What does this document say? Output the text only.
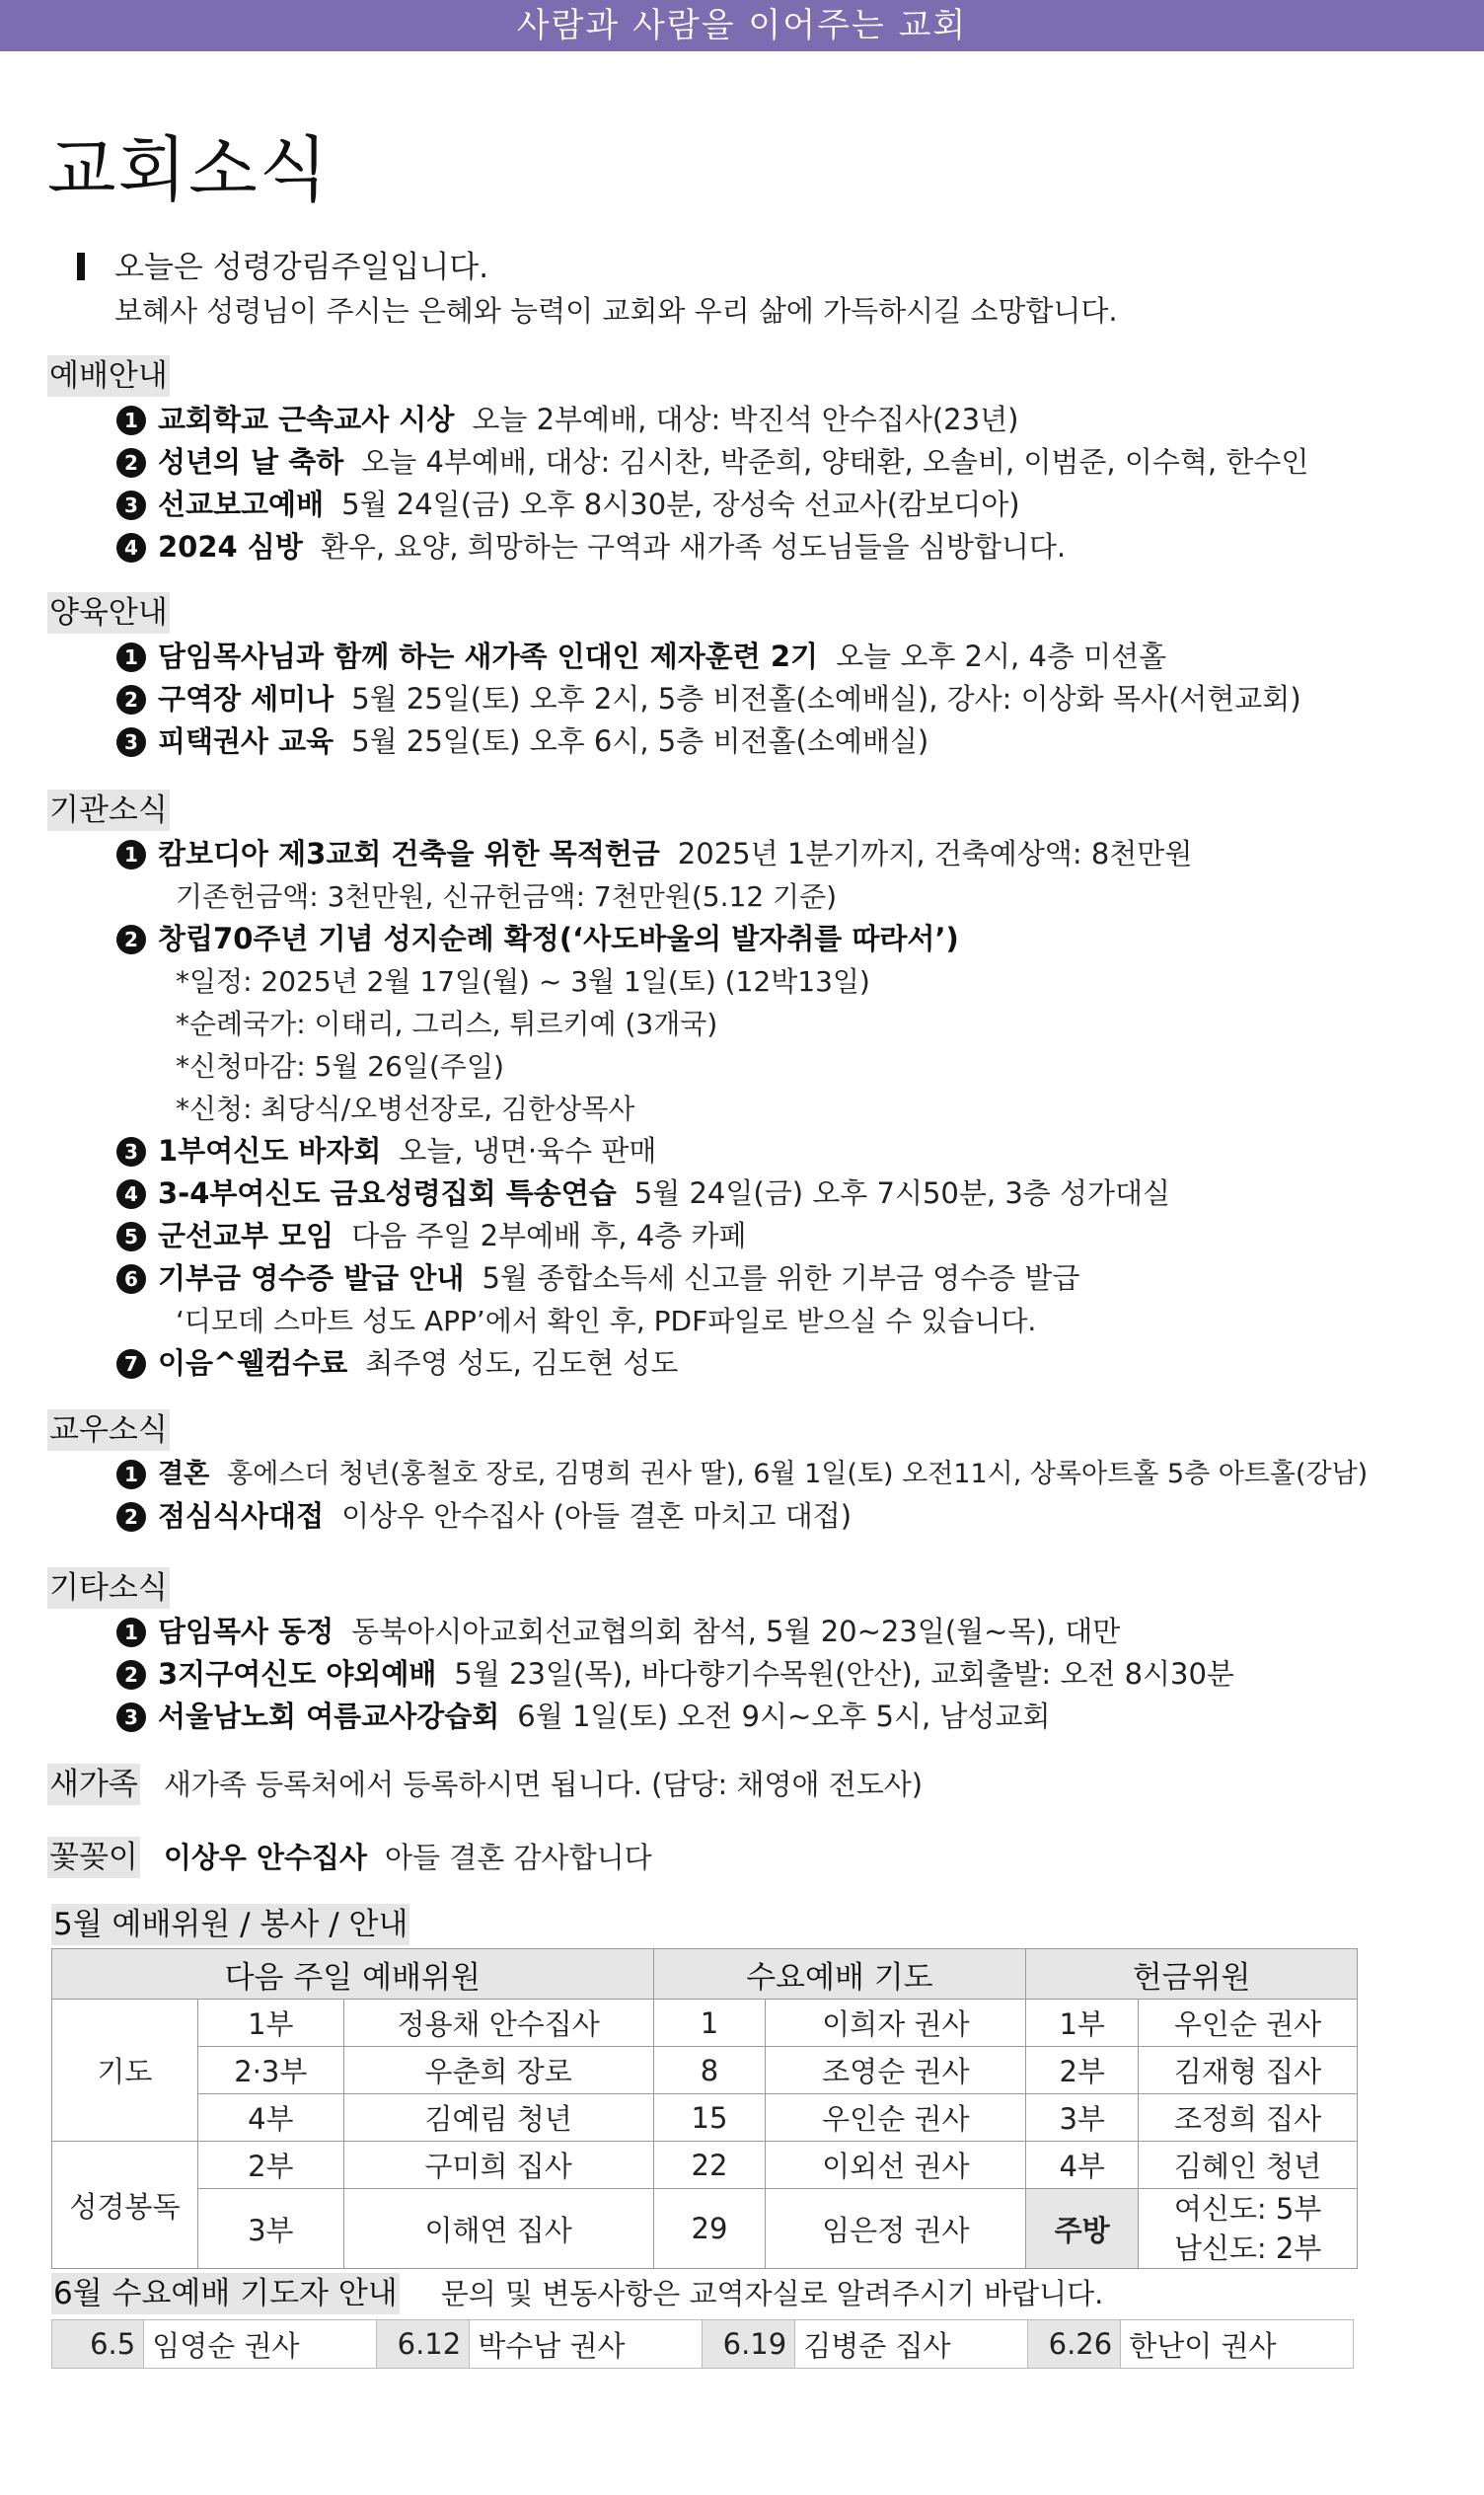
사람과 사람을 이어주는 교회
교회소식
오늘은 성령강림주일입니다.
보혜사 성령님이 주시는 은혜와 능력이 교회와 우리 삶에 가득하시길 소망합니다.
예배안내
1 교회학교 근속교사 시상 오늘 2부예배, 대상: 박진석 안수집사(23년)
2 성년의 날 축하 오늘 4부예배, 대상: 김시찬, 박준희, 양태환, 오솔비, 이범준, 이수혁, 한수인
3 선교보고예배 5월 24일(금) 오후 8시30분, 장성숙 선교사(캄보디아)
4 2024 심방 환우, 요양, 희망하는 구역과 새가족 성도님들을 심방합니다.
양육안내
1 담임목사님과 함께 하는 새가족 인대인 제자훈련 2기 오늘 오후 2시, 4층 미션홀
2 구역장 세미나 5월 25일(토) 오후 2시, 5층 비전홀(소예배실), 강사: 이상화 목사(서현교회)
3 피택권사 교육 5월 25일(토) 오후 6시, 5층 비전홀(소예배실)
기관소식
1 캄보디아 제3교회 건축을 위한 목적헌금 2025년 1분기까지, 건축예상액: 8천만원
기존헌금액: 3천만원, 신규헌금액: 7천만원(5.12 기준)
2 창립70주년 기념 성지순례 확정(‘사도바울의 발자취를 따라서’)
*일정: 2025년 2월 17일(월) ~ 3월 1일(토) (12박13일)
*순례국가: 이태리, 그리스, 튀르키예 (3개국)
*신청마감: 5월 26일(주일)
*신청: 최당식/오병선장로, 김한상목사
3 1부여신도 바자회 오늘, 냉면·육수 판매
4 3-4부여신도 금요성령집회 특송연습 5월 24일(금) 오후 7시50분, 3층 성가대실
5 군선교부 모임 다음 주일 2부예배 후, 4층 카페
6 기부금 영수증 발급 안내 5월 종합소득세 신고를 위한 기부금 영수증 발급
‘디모데 스마트 성도 APP’에서 확인 후, PDF파일로 받으실 수 있습니다.
7 이음^웰컴수료 최주영 성도, 김도현 성도
교우소식
1 결혼 홍에스더 청년(홍철호 장로, 김명희 권사 딸), 6월 1일(토) 오전11시, 상록아트홀 5층 아트홀(강남)
2 점심식사대접 이상우 안수집사 (아들 결혼 마치고 대접)
기타소식
1 담임목사 동정 동북아시아교회선교협의회 참석, 5월 20~23일(월~목), 대만
2 3지구여신도 야외예배 5월 23일(목), 바다향기수목원(안산), 교회출발: 오전 8시30분
3 서울남노회 여름교사강습회 6월 1일(토) 오전 9시~오후 5시, 남성교회
새가족 새가족 등록처에서 등록하시면 됩니다. (담당: 채영애 전도사)
꽃꽂이 이상우 안수집사 아들 결혼 감사합니다
5월 예배위원 / 봉사 / 안내
다음 주일 예배위원			수요예배 기도		헌금위원	
기도	1부	정용채 안수집사	1	이희자 권사	1부	우인순 권사
	2·3부	우춘희 장로	8	조영순 권사	2부	김재형 집사
	4부	김예림 청년	15	우인순 권사	3부	조정희 집사
성경봉독	2부	구미희 집사	22	이외선 권사	4부	김혜인 청년
	3부	이해연 집사	29	임은정 권사	주방	여신도: 5부
남신도: 2부
6월 수요예배 기도자 안내 문의 및 변동사항은 교역자실로 알려주시기 바랍니다.
6.5	임영순 권사	6.12	박수남 권사	6.19	김병준 집사	6.26	한난이 권사
